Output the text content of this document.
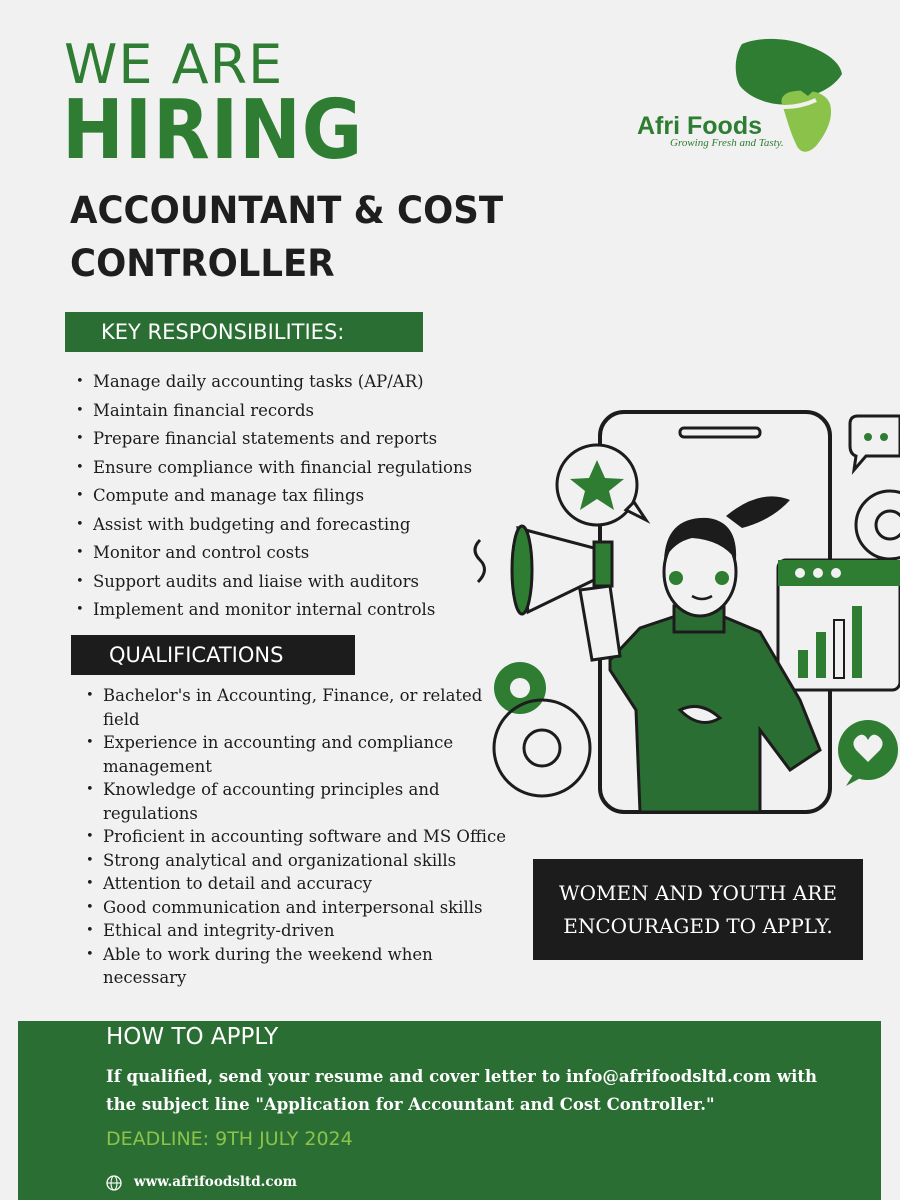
WE ARE
HIRING
ACCOUNTANT & COST CONTROLLER
Afri Foods
Growing Fresh and Tasty.
KEY RESPONSIBILITIES:
• Manage daily accounting tasks (AP/AR)
• Maintain financial records
• Prepare financial statements and reports
• Ensure compliance with financial regulations
• Compute and manage tax filings
• Assist with budgeting and forecasting
• Monitor and control costs
• Support audits and liaise with auditors
• Implement and monitor internal controls
QUALIFICATIONS
• Bachelor's in Accounting, Finance, or related field
• Experience in accounting and compliance management
• Knowledge of accounting principles and regulations
• Proficient in accounting software and MS Office
• Strong analytical and organizational skills
• Attention to detail and accuracy
• Good communication and interpersonal skills
• Ethical and integrity-driven
• Able to work during the weekend when necessary
WOMEN AND YOUTH ARE ENCOURAGED TO APPLY.
HOW TO APPLY
If qualified, send your resume and cover letter to info@afrifoodsltd.com with the subject line "Application for Accountant and Cost Controller."
DEADLINE: 9TH JULY 2024
www.afrifoodsltd.com
